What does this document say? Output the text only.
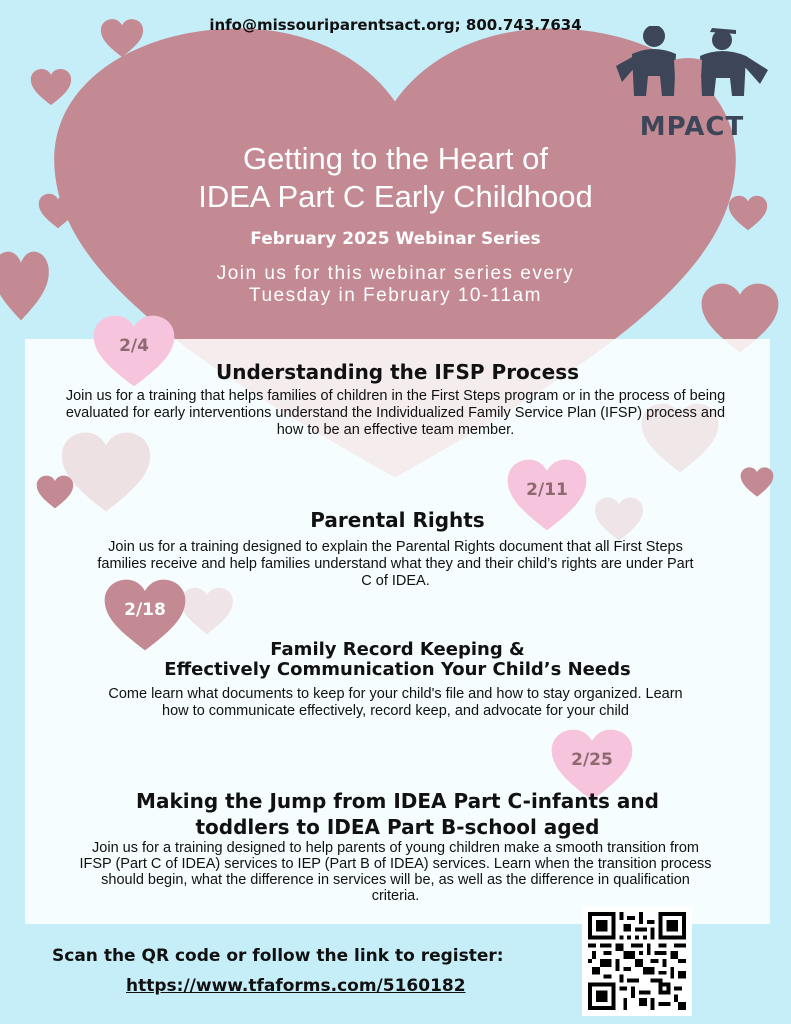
info@missouriparentsact.org; 800.743.7634
MPACT
Getting to the Heart of
IDEA Part C Early Childhood
February 2025 Webinar Series
Join us for this webinar series every
Tuesday in February 10-11am
2/4
Understanding the IFSP Process
Join us for a training that helps families of children in the First Steps program or in the process of being evaluated for early interventions understand the Individualized Family Service Plan (IFSP) process and how to be an effective team member.
2/11
Parental Rights
Join us for a training designed to explain the Parental Rights document that all First Steps families receive and help families understand what they and their child’s rights are under Part C of IDEA.
2/18
Family Record Keeping &
Effectively Communication Your Child’s Needs
Come learn what documents to keep for your child's file and how to stay organized. Learn how to communicate effectively, record keep, and advocate for your child
2/25
Making the Jump from IDEA Part C-infants and
toddlers to IDEA Part B-school aged
Join us for a training designed to help parents of young children make a smooth transition from IFSP (Part C of IDEA) services to IEP (Part B of IDEA) services. Learn when the transition process should begin, what the difference in services will be, as well as the difference in qualification criteria.
Scan the QR code or follow the link to register:
https://www.tfaforms.com/5160182
